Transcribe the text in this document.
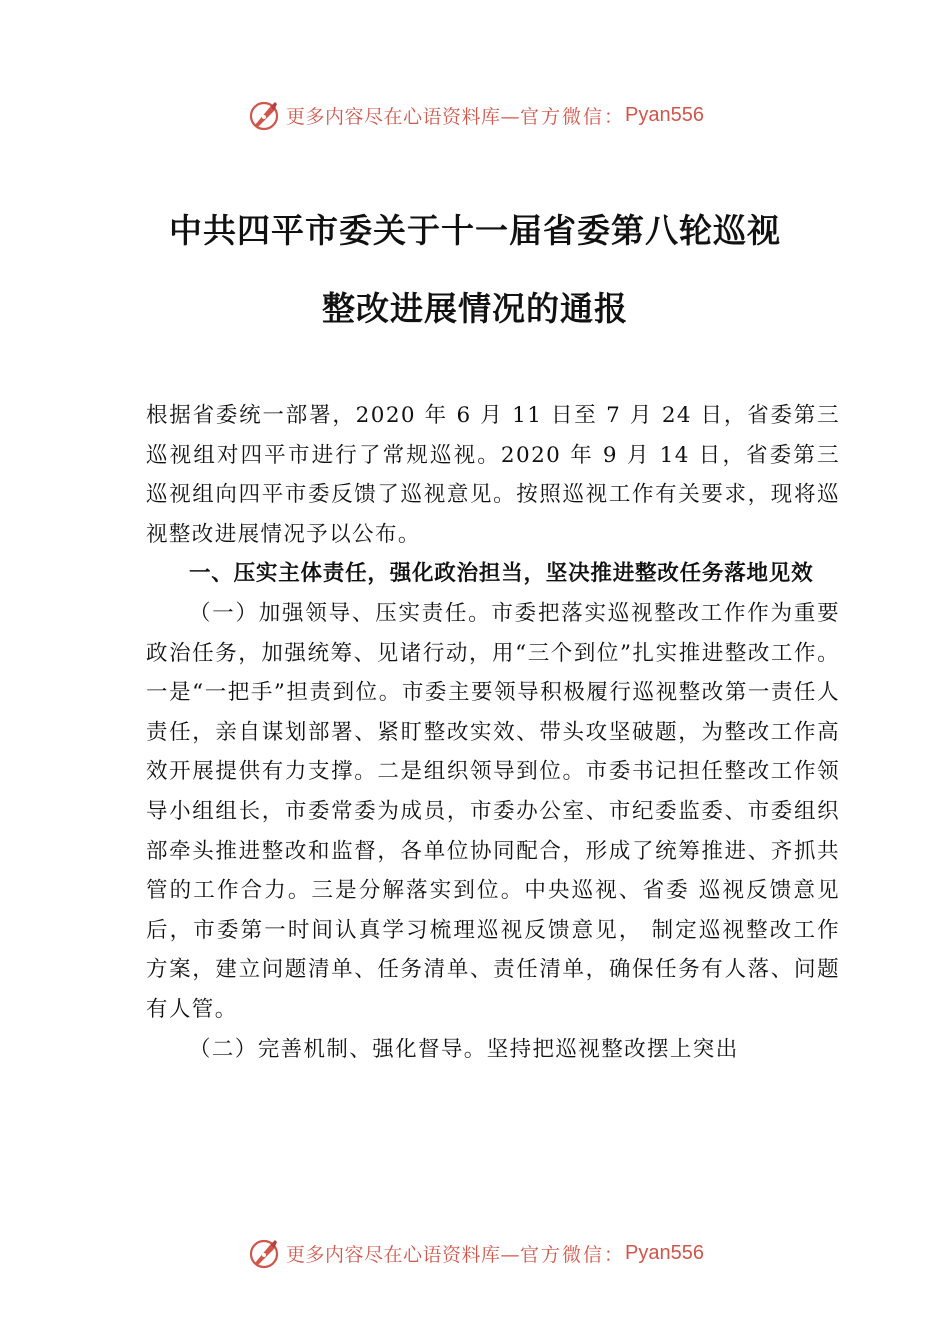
更多内容尽在心语资料库— 官方微信： Pyan556
中共四平市委关于十一届省委第八轮巡视
整改进展情况的通报

根据省委统一部署，2020 年 6 月 11 日至 7 月 24 日，省委第三巡视组对四平市进行了常规巡视。2020 年 9 月 14 日，省委第三巡视组向四平市委反馈了巡视意见。按照巡视工作有关要求，现将巡视整改进展情况予以公布。

一、压实主体责任，强化政治担当，坚决推进整改任务落地见效

（一）加强领导、压实责任。市委把落实巡视整改工作作为重要政治任务，加强统筹、见诸行动，用“三个到位”扎实推进整改工作。一是“一把手”担责到位。市委主要领导积极履行巡视整改第一责任人责任，亲自谋划部署、紧盯整改实效、带头攻坚破题，为整改工作高效开展提供有力支撑。二是组织领导到位。市委书记担任整改工作领导小组组长，市委常委为成员，市委办公室、市纪委监委、市委组织部牵头推进整改和监督，各单位协同配合，形成了统筹推进、齐抓共管的工作合力。三是分解落实到位。中央巡视、省委 巡视反馈意见后，市委第一时间认真学习梳理巡视反馈意见， 制定巡视整改工作方案，建立问题清单、任务清单、责任清单，确保任务有人落、问题有人管。

（二）完善机制、强化督导。坚持把巡视整改摆上突出

更多内容尽在心语资料库— 官方微信： Pyan556
